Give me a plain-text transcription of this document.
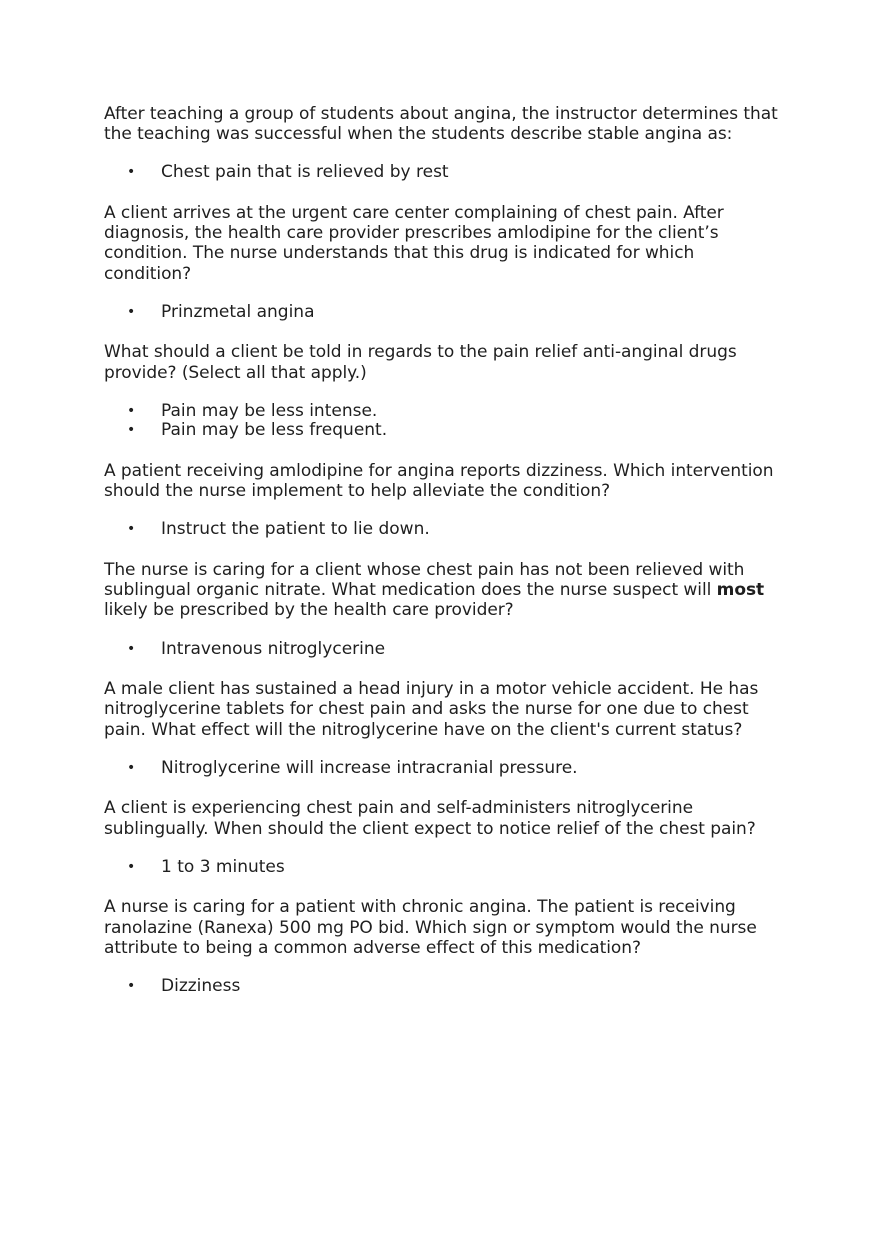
After teaching a group of students about angina, the instructor determines that the teaching was successful when the students describe stable angina as:

• Chest pain that is relieved by rest

A client arrives at the urgent care center complaining of chest pain. After diagnosis, the health care provider prescribes amlodipine for the client’s condition. The nurse understands that this drug is indicated for which condition?

• Prinzmetal angina

What should a client be told in regards to the pain relief anti-anginal drugs provide? (Select all that apply.)

• Pain may be less intense.
• Pain may be less frequent.

A patient receiving amlodipine for angina reports dizziness. Which intervention should the nurse implement to help alleviate the condition?

• Instruct the patient to lie down.

The nurse is caring for a client whose chest pain has not been relieved with sublingual organic nitrate. What medication does the nurse suspect will most likely be prescribed by the health care provider?

• Intravenous nitroglycerine

A male client has sustained a head injury in a motor vehicle accident. He has nitroglycerine tablets for chest pain and asks the nurse for one due to chest pain. What effect will the nitroglycerine have on the client's current status?

• Nitroglycerine will increase intracranial pressure.

A client is experiencing chest pain and self-administers nitroglycerine sublingually. When should the client expect to notice relief of the chest pain?

• 1 to 3 minutes

A nurse is caring for a patient with chronic angina. The patient is receiving ranolazine (Ranexa) 500 mg PO bid. Which sign or symptom would the nurse attribute to being a common adverse effect of this medication?

• Dizziness
